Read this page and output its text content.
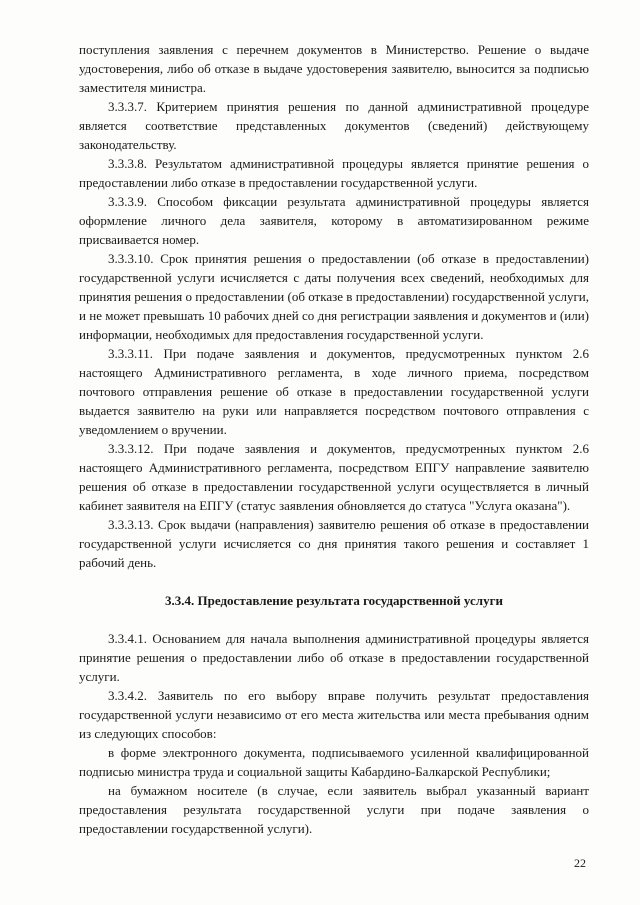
поступления заявления с перечнем документов в Министерство. Решение о выдаче удостоверения, либо об отказе в выдаче удостоверения заявителю, выносится за подписью заместителя министра.

3.3.3.7. Критерием принятия решения по данной административной процедуре является соответствие представленных документов (сведений) действующему законодательству.

3.3.3.8. Результатом административной процедуры является принятие решения о предоставлении либо отказе в предоставлении государственной услуги.

3.3.3.9. Способом фиксации результата административной процедуры является оформление личного дела заявителя, которому в автоматизированном режиме присваивается номер.

3.3.3.10. Срок принятия решения о предоставлении (об отказе в предоставлении) государственной услуги исчисляется с даты получения всех сведений, необходимых для принятия решения о предоставлении (об отказе в предоставлении) государственной услуги, и не может превышать 10 рабочих дней со дня регистрации заявления и документов и (или) информации, необходимых для предоставления государственной услуги.

3.3.3.11. При подаче заявления и документов, предусмотренных пунктом 2.6 настоящего Административного регламента, в ходе личного приема, посредством почтового отправления решение об отказе в предоставлении государственной услуги выдается заявителю на руки или направляется посредством почтового отправления с уведомлением о вручении.

3.3.3.12. При подаче заявления и документов, предусмотренных пунктом 2.6 настоящего Административного регламента, посредством ЕПГУ направление заявителю решения об отказе в предоставлении государственной услуги осуществляется в личный кабинет заявителя на ЕПГУ (статус заявления обновляется до статуса "Услуга оказана").

3.3.3.13. Срок выдачи (направления) заявителю решения об отказе в предоставлении государственной услуги исчисляется со дня принятия такого решения и составляет 1 рабочий день.

3.3.4. Предоставление результата государственной услуги

3.3.4.1. Основанием для начала выполнения административной процедуры является принятие решения о предоставлении либо об отказе в предоставлении государственной услуги.

3.3.4.2. Заявитель по его выбору вправе получить результат предоставления государственной услуги независимо от его места жительства или места пребывания одним из следующих способов:

в форме электронного документа, подписываемого усиленной квалифицированной подписью министра труда и социальной защиты Кабардино-Балкарской Республики;

на бумажном носителе (в случае, если заявитель выбрал указанный вариант предоставления результата государственной услуги при подаче заявления о предоставлении государственной услуги).

22
